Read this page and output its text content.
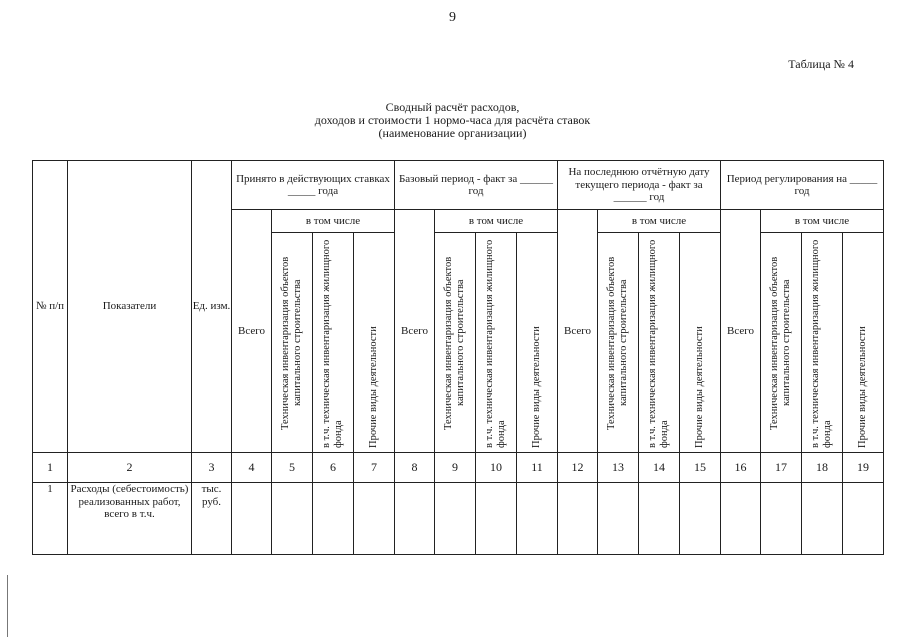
9
Таблица № 4
Сводный расчёт расходов,
доходов и стоимости 1 нормо-часа для расчёта ставок
(наименование организации)
№ п/п	Показатели	Ед. изм.	Принято в действующих ставках _____ года				Базовый период - факт за ______ год				На последнюю отчётную дату текущего периода - факт за ______ год				Период регулирования на _____ год			
			Всего	в том числе			Всего	в том числе			Всего	в том числе			Всего	в том числе		

				Техническая инвентаризация объектов капитального строительства	в т.ч. техническая инвентаризация жилищного фонда	Прочие виды деятельности		Техническая инвентаризация объектов капитального строительства	в т.ч. техническая инвентаризация жилищного фонда	Прочие виды деятельности		Техническая инвентаризация объектов капитального строительства	в т.ч. техническая инвентаризация жилищного фонда	Прочие виды деятельности		Техническая инвентаризация объектов капитального строительства	в т.ч. техническая инвентаризация жилищного фонда	Прочие виды деятельности

1	2	3	4	5	6	7	8	9	10	11	12	13	14	15	16	17	18	19
1	Расходы (себестоимость) реализованных работ, всего в т.ч.	тыс. руб.																
